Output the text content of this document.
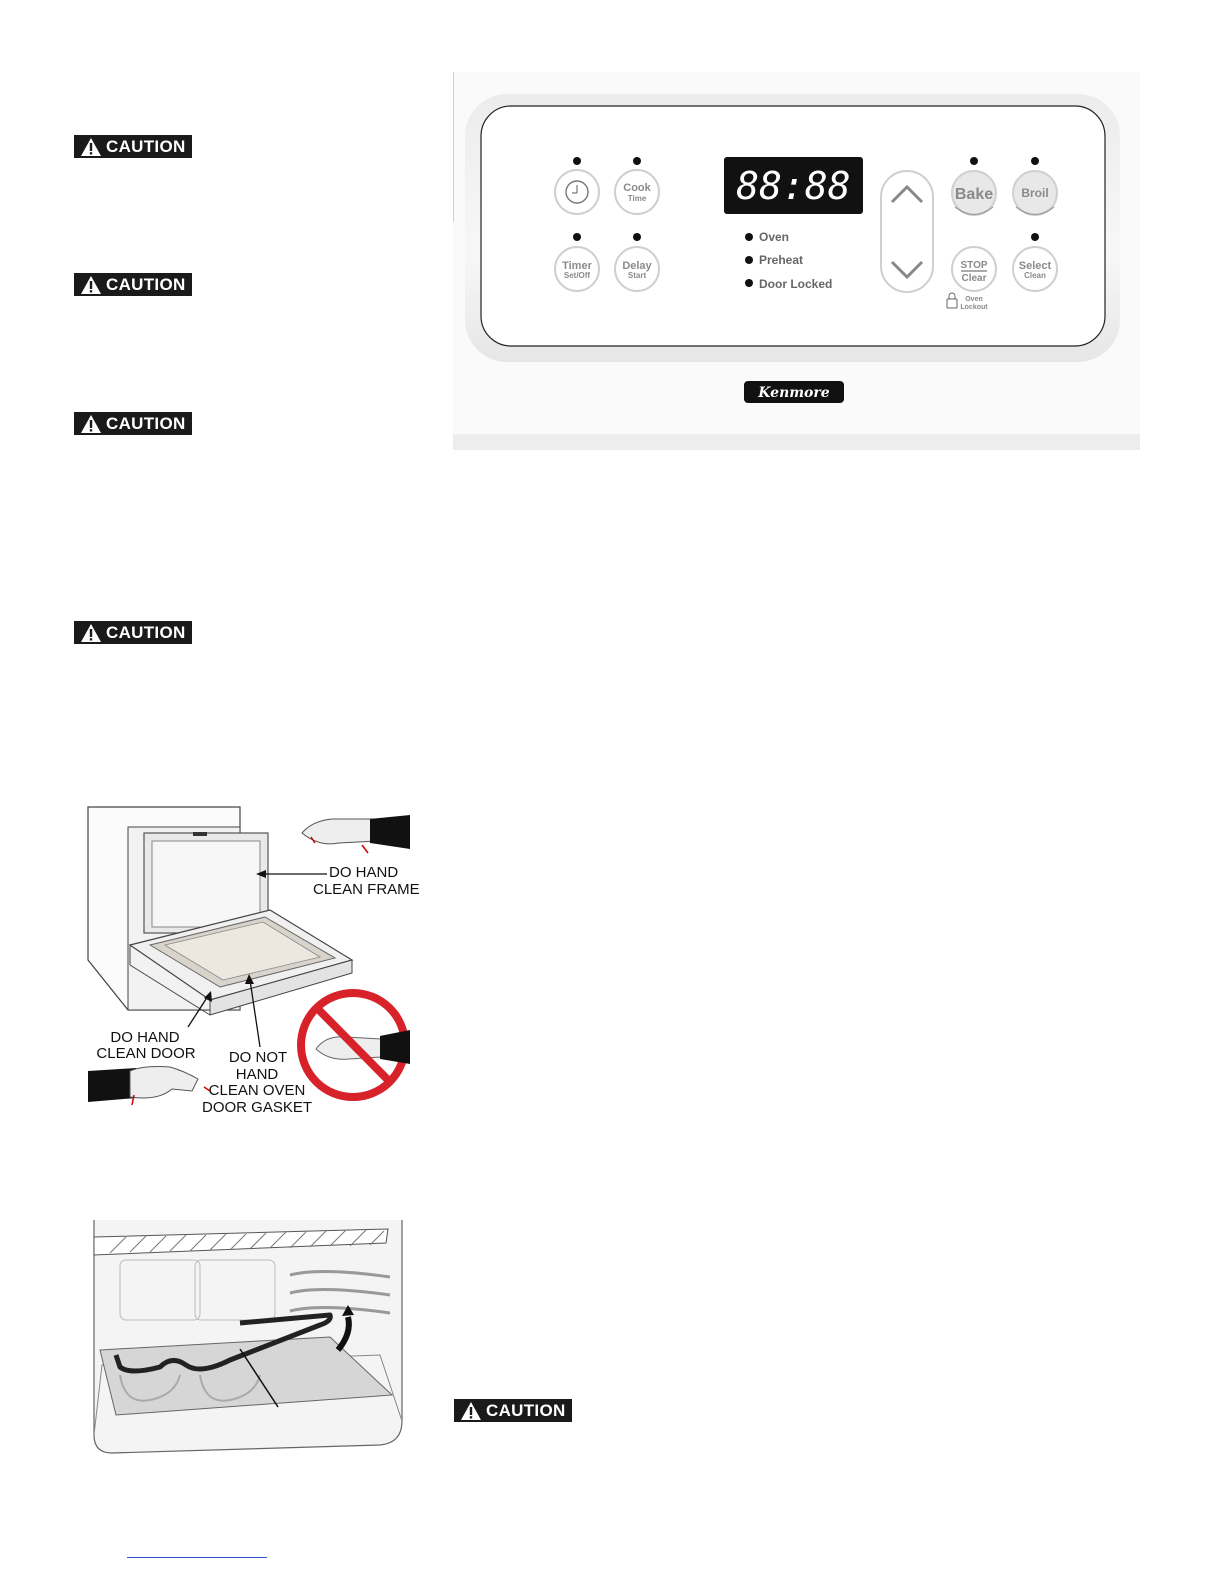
CAUTION
CAUTION
CAUTION
CAUTION
CAUTION
Cook
Time
Timer
Set/Off
Delay
Start
88:88
Oven
Preheat
Door Locked
Bake Broil
STOP
Clear
Select
Clean
Oven
Lockout
Kenmore
DO HAND
CLEAN FRAME
DO HAND
CLEAN DOOR DO NOT
HAND
CLEAN OVEN
DOOR GASKET
